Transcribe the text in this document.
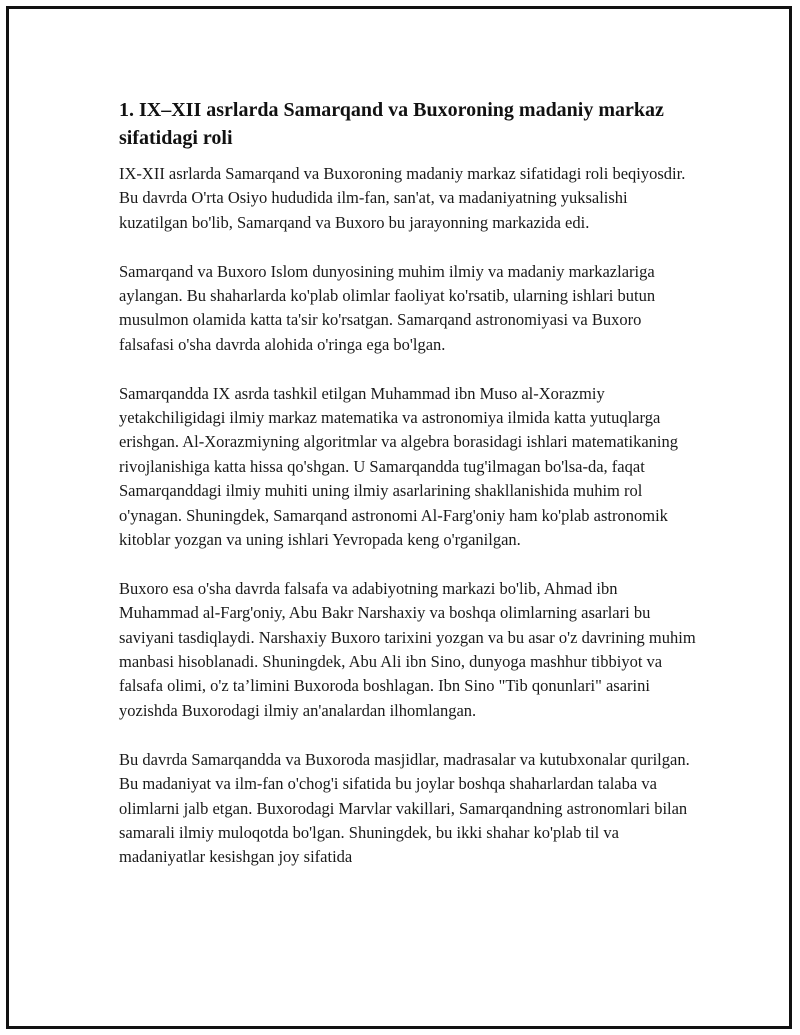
1. IX–XII asrlarda Samarqand va Buxoroning madaniy markaz sifatidagi roli

IX-XII asrlarda Samarqand va Buxoroning madaniy markaz sifatidagi roli beqiyosdir. Bu davrda O'rta Osiyo hududida ilm-fan, san'at, va madaniyatning yuksalishi kuzatilgan bo'lib, Samarqand va Buxoro bu jarayonning markazida edi.

Samarqand va Buxoro Islom dunyosining muhim ilmiy va madaniy markazlariga aylangan. Bu shaharlarda ko'plab olimlar faoliyat ko'rsatib, ularning ishlari butun musulmon olamida katta ta'sir ko'rsatgan. Samarqand astronomiyasi va Buxoro falsafasi o'sha davrda alohida o'ringa ega bo'lgan.

Samarqandda IX asrda tashkil etilgan Muhammad ibn Muso al-Xorazmiy yetakchiligidagi ilmiy markaz matematika va astronomiya ilmida katta yutuqlarga erishgan. Al-Xorazmiyning algoritmlar va algebra borasidagi ishlari matematikaning rivojlanishiga katta hissa qo'shgan. U Samarqandda tug'ilmagan bo'lsa-da, faqat Samarqanddagi ilmiy muhiti uning ilmiy asarlarining shakllanishida muhim rol o'ynagan. Shuningdek, Samarqand astronomi Al-Farg'oniy ham ko'plab astronomik kitoblar yozgan va uning ishlari Yevropada keng o'rganilgan.

Buxoro esa o'sha davrda falsafa va adabiyotning markazi bo'lib, Ahmad ibn Muhammad al-Farg'oniy, Abu Bakr Narshaxiy va boshqa olimlarning asarlari bu saviyani tasdiqlaydi. Narshaxiy Buxoro tarixini yozgan va bu asar o'z davrining muhim manbasi hisoblanadi. Shuningdek, Abu Ali ibn Sino, dunyoga mashhur tibbiyot va falsafa olimi, o'z ta’limini Buxoroda boshlagan. Ibn Sino "Tib qonunlari" asarini yozishda Buxorodagi ilmiy an'analardan ilhomlangan.

Bu davrda Samarqandda va Buxoroda masjidlar, madrasalar va kutubxonalar qurilgan. Bu madaniyat va ilm-fan o'chog'i sifatida bu joylar boshqa shaharlardan talaba va olimlarni jalb etgan. Buxorodagi Marvlar vakillari, Samarqandning astronomlari bilan samarali ilmiy muloqotda bo'lgan. Shuningdek, bu ikki shahar ko'plab til va madaniyatlar kesishgan joy sifatida
